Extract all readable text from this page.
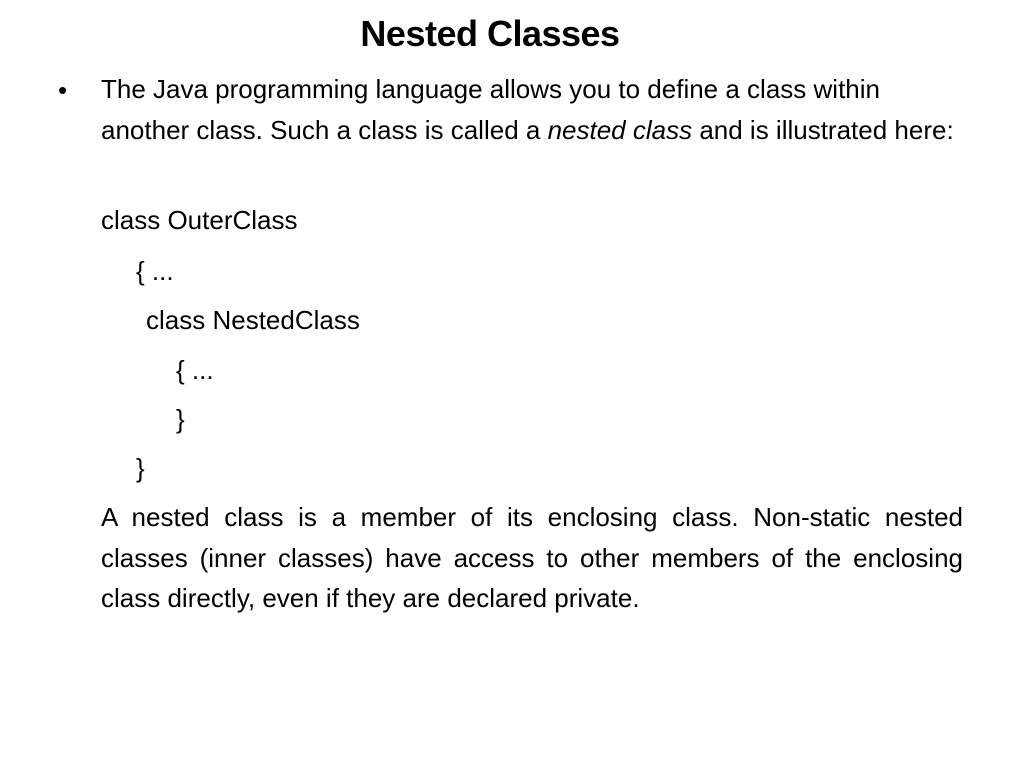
Nested Classes
• The Java programming language allows you to define a class within another class. Such a class is called a nested class and is illustrated here:
class OuterClass
{ ...
class NestedClass
{ ...
}
}
A nested class is a member of its enclosing class. Non-static nested classes (inner classes) have access to other members of the enclosing class directly, even if they are declared private.
